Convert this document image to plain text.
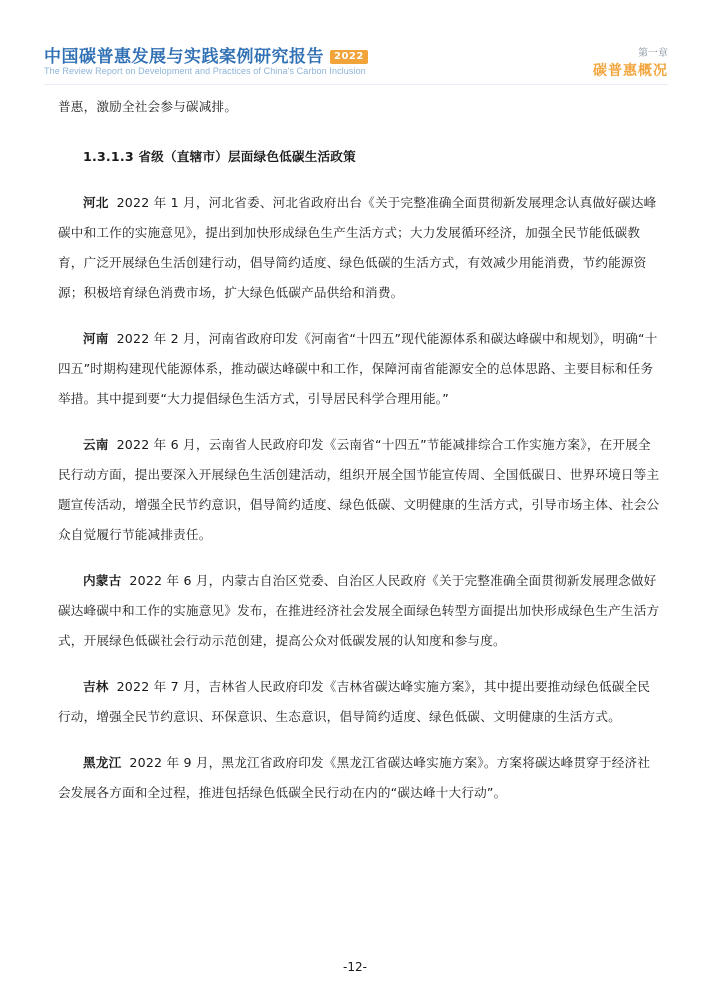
中国碳普惠发展与实践案例研究报告 2022
The Review Report on Development and Practices of China's Carbon Inclusion
第一章
碳普惠概况

普惠，激励全社会参与碳减排。

1.3.1.3 省级（直辖市）层面绿色低碳生活政策

河北 2022 年 1 月，河北省委、河北省政府出台《关于完整准确全面贯彻新发展理念认真做好碳达峰碳中和工作的实施意见》，提出到加快形成绿色生产生活方式；大力发展循环经济，加强全民节能低碳教育，广泛开展绿色生活创建行动，倡导简约适度、绿色低碳的生活方式，有效减少用能消费，节约能源资源；积极培育绿色消费市场，扩大绿色低碳产品供给和消费。

河南 2022 年 2 月，河南省政府印发《河南省“十四五”现代能源体系和碳达峰碳中和规划》，明确“十四五”时期构建现代能源体系，推动碳达峰碳中和工作，保障河南省能源安全的总体思路、主要目标和任务举措。其中提到要“大力提倡绿色生活方式，引导居民科学合理用能。”

云南 2022 年 6 月，云南省人民政府印发《云南省“十四五”节能减排综合工作实施方案》，在开展全民行动方面，提出要深入开展绿色生活创建活动，组织开展全国节能宣传周、全国低碳日、世界环境日等主题宣传活动，增强全民节约意识，倡导简约适度、绿色低碳、文明健康的生活方式，引导市场主体、社会公众自觉履行节能减排责任。

内蒙古 2022 年 6 月，内蒙古自治区党委、自治区人民政府《关于完整准确全面贯彻新发展理念做好碳达峰碳中和工作的实施意见》发布，在推进经济社会发展全面绿色转型方面提出加快形成绿色生产生活方式，开展绿色低碳社会行动示范创建，提高公众对低碳发展的认知度和参与度。

吉林 2022 年 7 月，吉林省人民政府印发《吉林省碳达峰实施方案》，其中提出要推动绿色低碳全民行动，增强全民节约意识、环保意识、生态意识，倡导简约适度、绿色低碳、文明健康的生活方式。

黑龙江 2022 年 9 月，黑龙江省政府印发《黑龙江省碳达峰实施方案》。方案将碳达峰贯穿于经济社会发展各方面和全过程，推进包括绿色低碳全民行动在内的“碳达峰十大行动”。

-12-
